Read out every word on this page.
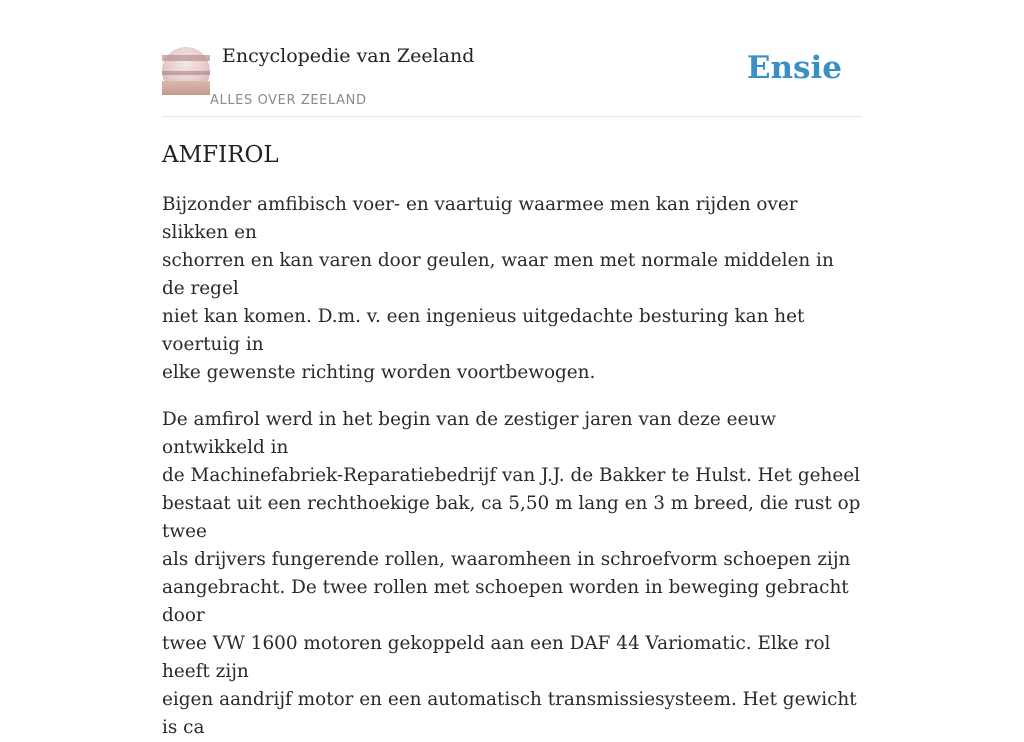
Encyclopedie van Zeeland
ALLES OVER ZEELAND
Ensie
AMFIROL

Bijzonder amfibisch voer- en vaartuig waarmee men kan rijden over slikken en
schorren en kan varen door geulen, waar men met normale middelen in de regel
niet kan komen. D.m. v. een ingenieus uitgedachte besturing kan het voertuig in
elke gewenste richting worden voortbewogen.

De amfirol werd in het begin van de zestiger jaren van deze eeuw ontwikkeld in
de Machinefabriek-Reparatiebedrijf van J.J. de Bakker te Hulst. Het geheel
bestaat uit een rechthoekige bak, ca 5,50 m lang en 3 m breed, die rust op twee
als drijvers fungerende rollen, waaromheen in schroefvorm schoepen zijn
aangebracht. De twee rollen met schoepen worden in beweging gebracht door
twee VW 1600 motoren gekoppeld aan een DAF 44 Variomatic. Elke rol heeft zijn
eigen aandrijf motor en een automatisch transmissiesysteem. Het gewicht is ca
